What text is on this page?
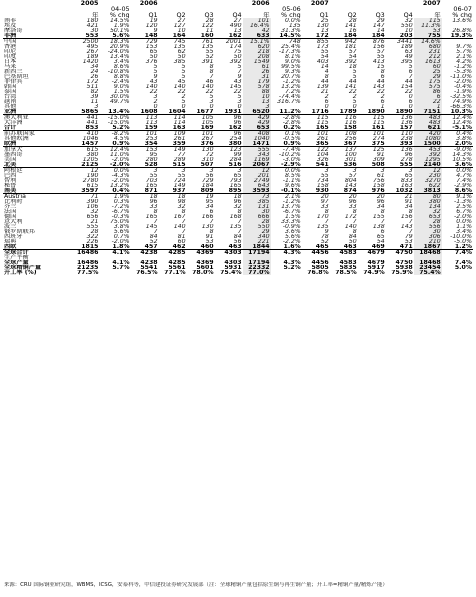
	2005		2006				2006		2007				2007	
		04-05						05-06						06-07
	年	% chg	Q1	Q2	Q3	Q4	年	% chg	Q1	Q2	Q3	Q4	年	% chg
南非	180	14.5%	19	27	28	27	101	0.0%	25	28	29	32	115	13.6%
埃及	421	1.9%	120	127	122	490	16.4%	135	130	141	147	550	11.3%	
摩洛哥	30	50.1%	9	10	11	13	42	31.3%	13	16	14	10	53	26.8%
非洲	553	5.6%	148	164	160	162	633	14.5%	172	184	184	203	755	19.3%
中国	2500	18.3%	729	745	761	2001	15.1%	748	855	942	876	3441	14.6%	
香港	495	20.9%	153	135	135	174	620	25.4%	173	181	156	189	680	9.7%
印尼	267	-24.0%	65	62	55	75	218	-17.3%	55	57	57	63	231	5.7%
印度	189	13.4%	50	50	52	50	208	8.1%	54	54	55	49	212	2.1%
日本	1420	3.4%	376	385	391	392	1549	9.0%	403	392	413	395	1613	4.2%
马来	34	8.6%	5	5	8	5	61	99.5%	14	18	15	5	60	-1.2%
新西兰	24	-10.8%	5	5	8	7	26	9.3%	4	5	8	6	25	-5.3%
巴基斯坦	26	8.8%	9	5	7	9	31	20.7%	8	5	6	7	29	-11.0%
菲律宾	172	-2.4%	43	45	46	43	179	-1.2%	44	44	44	44	175	-2.0%
韩国	511	9.0%	140	140	140	145	578	13.2%	139	141	143	154	575	-0.4%
泰国	82	1.5%	22	22	22	22	88	7.2%	21	22	22	22	86	-1.9%
台湾	39	30.0%	3	2	5	5	10	-74.4%	2	2	2	0	6	-32.5%
越南	11	49.7%	2	5	3	3	13	316.7%	6	5	6	6	22	74.9%
其他	3		0	0	0	0	3		0	0	1	0	1	-66.3%
亚洲	5865	13.4%	1608	1604	1677	1931	6520	11.2%	1716	1789	1890	1890	7151	10.3%
澳大利亚	441	-15.0%	113	114	105	96	429	-2.8%	115	116	115	136	483	12.4%
大洋洲	441	-15.0%	113	114	105	96	429	-2.8%	115	116	115	136	483	12.4%
合计	853	5.2%	159	163	169	162	653	0.2%	165	158	161	157	621	-5.1%
前苏联国家	410	-8.2%	101	109	101	96	408	0.1%	101	108	101	110	420	0.4%
其他欧洲	1046	4.5%	253	261	267	254	1040	-0.5%	261	256	274	238	1080	3.8%
欧洲	1457	0.9%	354	359	376	380	1471	0.9%	365	367	375	393	1500	2.0%
加拿大	615	12.4%	153	149	130	123	555	-7.4%	122	137	125	136	453	-9.0%
墨西哥	380	11.0%	95	77	72	99	343	-10.2%	104	100	91	96	392	14.3%
美国	1205	-2.0%	280	289	310	284	1169	-3.0%	326	301	309	278	1295	10.5%
北美	2125	-2.0%	528	515	507	516	2067	-2.9%	541	536	508	555	2140	3.6%
阿根廷	12	0.0%	3	3	3	3	12	0.0%	3	3	3	3	12	0.0%
巴西	190	-4.3%	55	55	56	65	201	8.5%	55	57	61	65	230	4.7%
智利	2780	-2.0%	703	724	729	793	2749	-1.1%	734	804	756	833	3270	7.4%
秘鲁	615	13.2%	165	149	184	165	643	9.6%	158	143	158	163	622	-2.9%
南美	3597	0.4%	871	937	809	895	3593	-0.1%	930	874	976	1032	3813	8.6%
Austria	71	1.9%	18	18	19	18	73	2.1%	20	20	20	21	80	9.1%
比利时	390	0.3%	96	98	95	96	385	-1.2%	97	96	96	91	380	-1.3%
芬兰	106	-7.2%	33	32	34	32	131	13.7%	33	33	34	34	134	2.5%
法国	32	-6.7%	8	8	6	8	30	-6.7%	8	8	8	8	32	6.7%
德国	656	-0.3%	165	167	166	168	666	1.5%	170	172	155	156	653	-2.0%
意大利	21	75.0%	7	7	7	7	28	33.3%	7	7	7	7	28	0.0%
波兰	555	3.8%	145	140	130	135	550	-0.9%	135	140	138	143	556	1.1%
俄罗斯联邦	28	5.6%	7	7	8	7	29	3.6%	9	8	6	7	30	3.4%
西班牙	322	0.7%	84	81	91	84	340	5.6%	78	84	65	79	306	-10.0%
瑞典	226	-2.0%	52	60	53	56	221	-2.2%	52	50	54	53	210	-5.0%
西欧	1815	1.8%	457	462	460	463	1844	1.6%	465	463	469	471	1867	1.2%
全球合计	16486	4.1%	4238	4285	4369	4303	17194	4.3%	4456	4583	4679	4750	18468	7.4%
生产平衡														
全球产量	16486	4.1%	4238	4285	4369	4303	17194	4.3%	4456	4583	4679	4750	18468	7.4%
全球精铜产量	21235	5.7%	5541	5561	5601	5931	22332	5.2%	5805	5835	5917	5938	23454	5.0%
开工率 (%)	77.5%		76.5%	77.1%	78.0%	75.4%	77.0%		76.8%	78.5%	74.9%	75.9%	75.4%	
来源：CRU 国际铜业研究组，WBMS，ICSG，安泰科等，中信建投证券研究发展部（注：全球精铜产量包括原生铜与再生铜产量；开工率=精铜产量/精炼产能）
